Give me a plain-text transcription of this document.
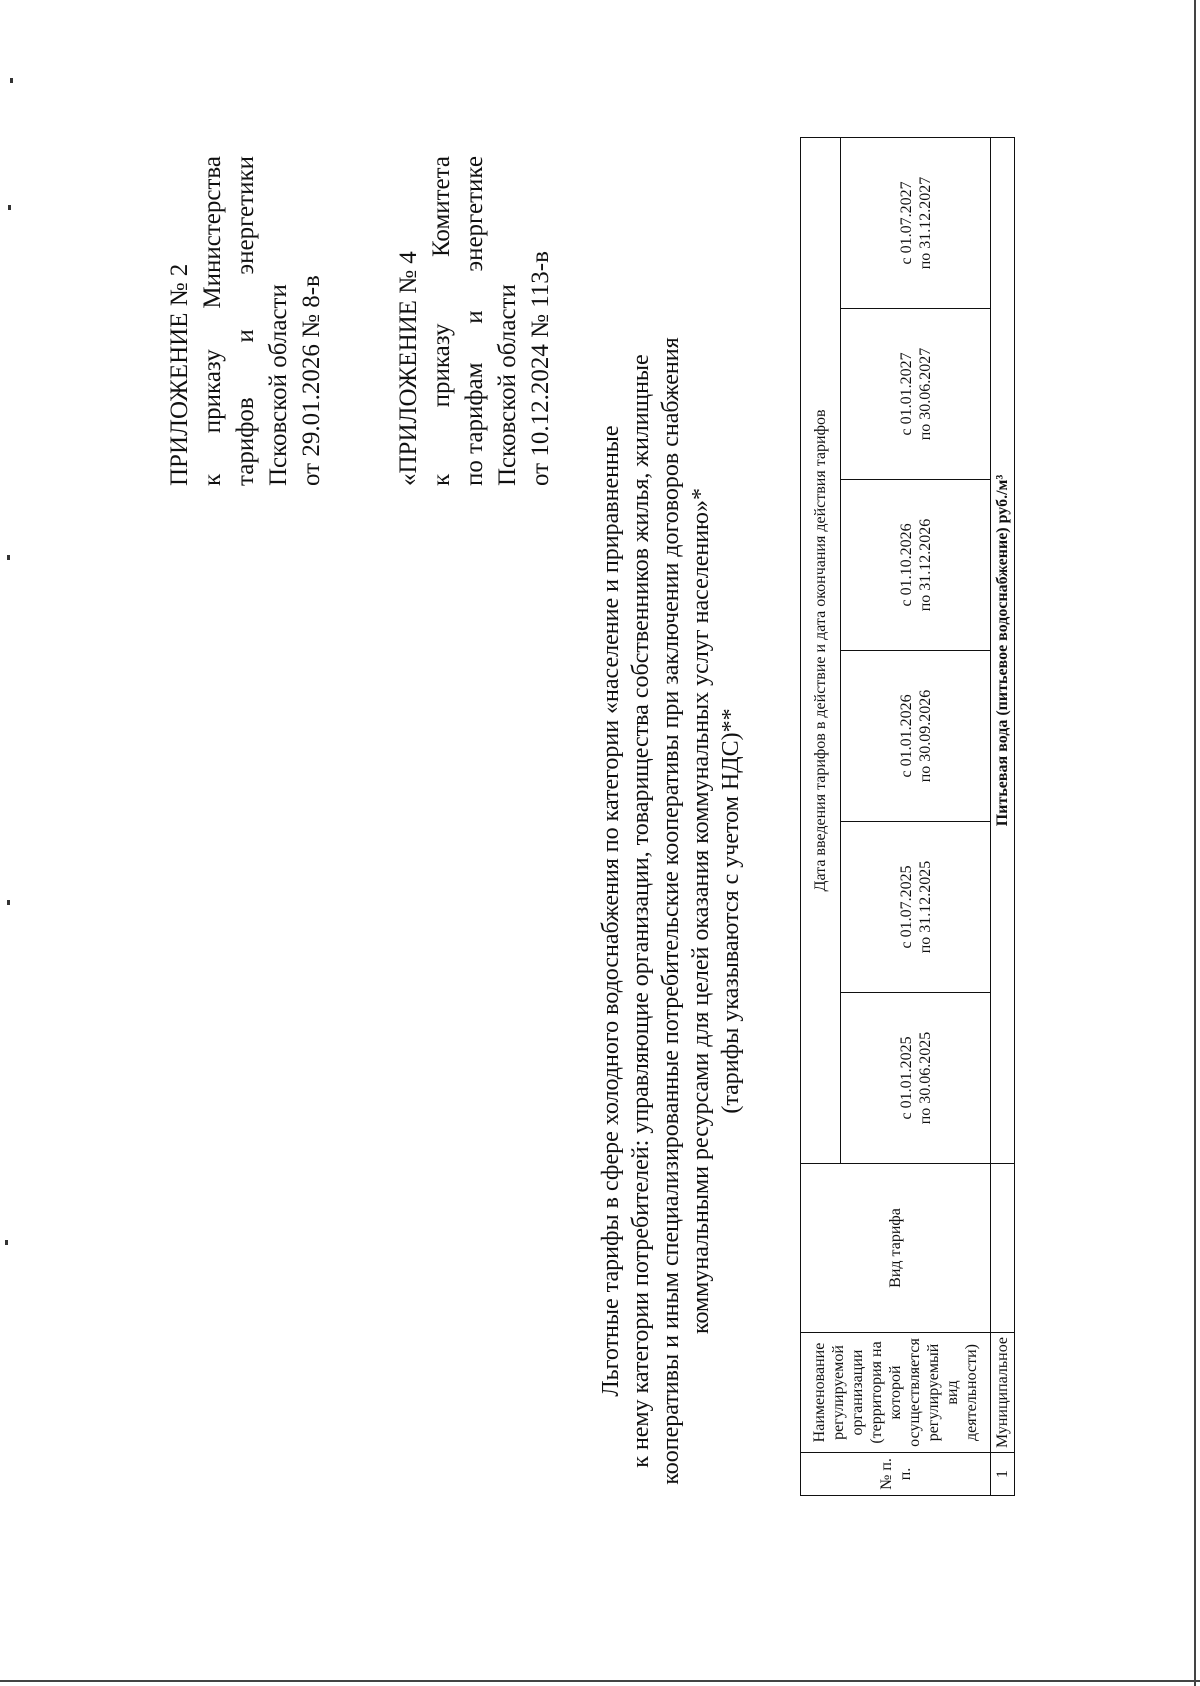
ПРИЛОЖЕНИЕ № 2 к
приказу
Министерства
тарифов
и
энергетики
Псковской области от 29.01.2026 № 8-в	«ПРИЛОЖЕНИЕ № 4 к
приказу
Комитета
по тарифам
и
энергетике
Псковской области от 10.12.2024 № 113-в
Льготные тарифы в сфере холодного водоснабжения по категории «население и приравненные к нему категории потребителей: управляющие организации, товарищества собственников жилья, жилищные кооперативы и иным специализированные потребительские кооперативы при заключении договоров снабжения коммунальными ресурсами для целей оказания коммунальных услуг населению»* (тарифы указываются с учетом НДС)**
№ п. п.	Наименование регулируемой организации (территория на которой осуществляется регулируемый вид деятельности)	Вид тарифа	Дата введения тарифов в действие и дата окончания действия тарифов					
			с 01.01.2025 по 30.06.2025	с 01.07.2025 по 31.12.2025	с 01.01.2026 по 30.09.2026	с 01.10.2026 по 31.12.2026	с 01.01.2027 по 30.06.2027	с 01.07.2027 по 31.12.2027
1	Муниципальное		Питьевая вода (питьевое водоснабжение) руб./м³					
